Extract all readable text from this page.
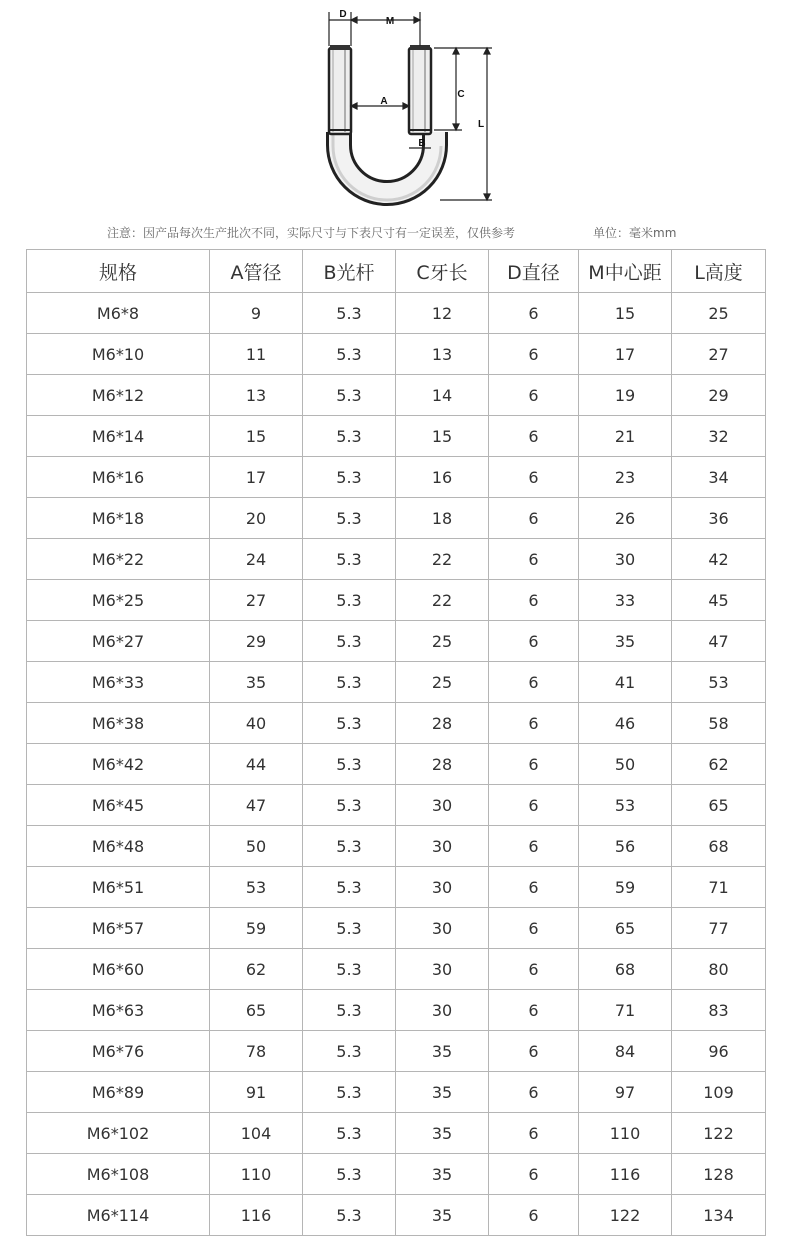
D
M
A
B
C
L
注意：因产品每次生产批次不同，实际尺寸与下表尺寸有一定误差，仅供参考	单位：毫米mm
规格	A管径	B光杆	C牙长	D直径	M中心距	L高度
M6*8	9	5.3	12	6	15	25
M6*10	11	5.3	13	6	17	27
M6*12	13	5.3	14	6	19	29
M6*14	15	5.3	15	6	21	32
M6*16	17	5.3	16	6	23	34
M6*18	20	5.3	18	6	26	36
M6*22	24	5.3	22	6	30	42
M6*25	27	5.3	22	6	33	45
M6*27	29	5.3	25	6	35	47
M6*33	35	5.3	25	6	41	53
M6*38	40	5.3	28	6	46	58
M6*42	44	5.3	28	6	50	62
M6*45	47	5.3	30	6	53	65
M6*48	50	5.3	30	6	56	68
M6*51	53	5.3	30	6	59	71
M6*57	59	5.3	30	6	65	77
M6*60	62	5.3	30	6	68	80
M6*63	65	5.3	30	6	71	83
M6*76	78	5.3	35	6	84	96
M6*89	91	5.3	35	6	97	109
M6*102	104	5.3	35	6	110	122
M6*108	110	5.3	35	6	116	128
M6*114	116	5.3	35	6	122	134
